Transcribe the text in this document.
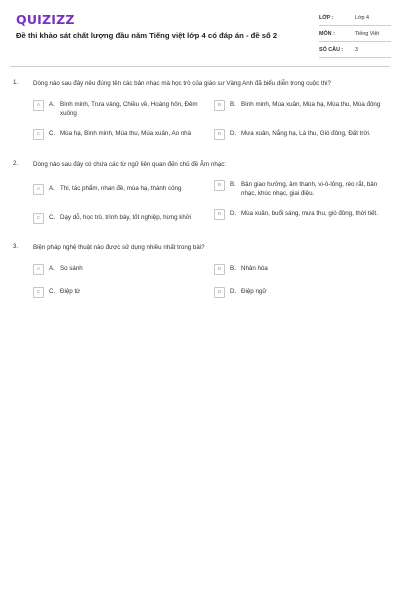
QUIZIZZ
Đề thi khảo sát chất lượng đầu năm Tiếng việt lớp 4 có đáp án - đề số 2
LỚP :	Lớp 4
MÔN :	Tiếng Việt
SỐ CÂU :	3
1. Dòng nào sau đây nêu đúng tên các bản nhạc mà học trò của giáo sư Vàng Anh đã biểu diễn trong cuộc thi?
A	A. Bình minh, Trưa vàng, Chiều về, Hoàng hôn, Đêm xuống
B	B. Bình minh, Mùa xuân, Mùa hạ, Mùa thu, Mùa đông
C	C. Mùa hạ, Bình minh, Mùa thu, Mùa xuân, Ao nhà	D	D. Mưa xuân, Nắng hạ, Lá thu, Gió đông, Đất trời.
2. Dòng nào sau đây có chứa các từ ngữ liên quan đến chủ đề Âm nhạc:
A	A. Thi, tác phẩm, nhan đề, mùa hạ, thành công	B	B. Bản giao hưởng, âm thanh, vi-ô-lông, réo rắt, bản nhạc, khúc nhạc, giai điệu.
C	C. Dạy dỗ, học trò, trình bày, tốt nghiệp, hừng khởi	D	D. Mùa xuân, buổi sáng, mưa thu, gió đông, thời tiết.
3. Biện pháp nghệ thuật nào được sử dụng nhiều nhất trong bài?
A	A. So sánh	B	B. Nhân hóa
C	C. Điệp từ	D	D. Điệp ngữ
